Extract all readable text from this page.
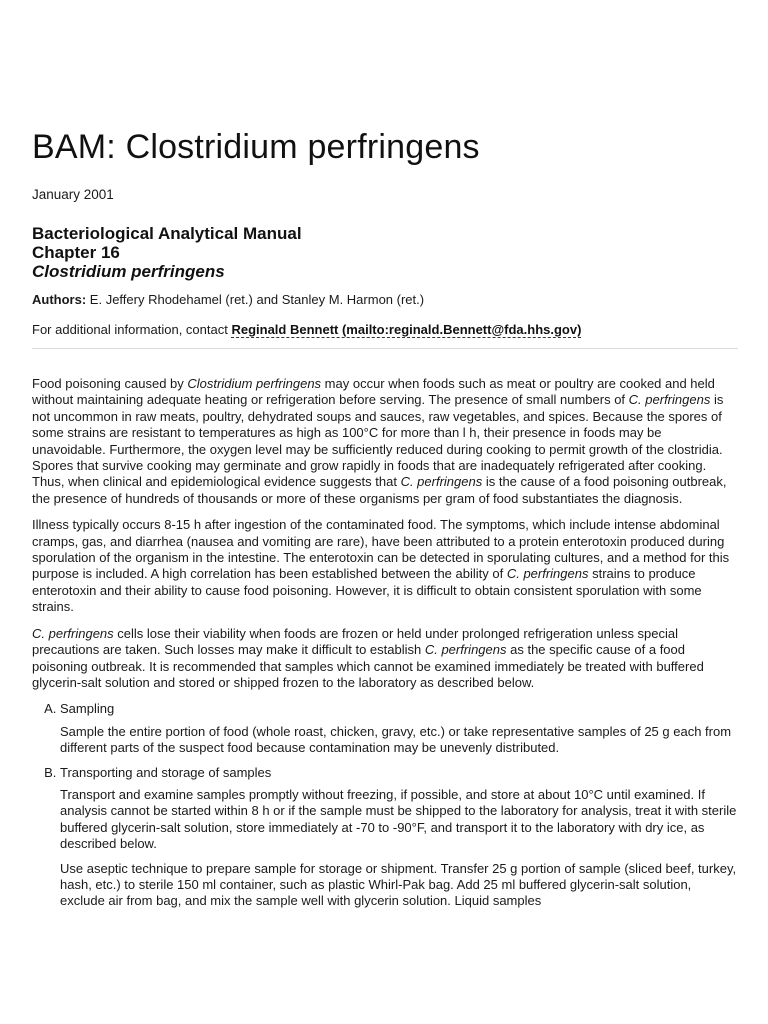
BAM: Clostridium perfringens
January 2001
Bacteriological Analytical Manual
Chapter 16
Clostridium perfringens
Authors: E. Jeffery Rhodehamel (ret.) and Stanley M. Harmon (ret.)
For additional information, contact Reginald Bennett (mailto:reginald.Bennett@fda.hhs.gov)

Food poisoning caused by Clostridium perfringens may occur when foods such as meat or poultry are cooked and held without maintaining adequate heating or refrigeration before serving. The presence of small numbers of C. perfringens is not uncommon in raw meats, poultry, dehydrated soups and sauces, raw vegetables, and spices. Because the spores of some strains are resistant to temperatures as high as 100°C for more than l h, their presence in foods may be unavoidable. Furthermore, the oxygen level may be sufficiently reduced during cooking to permit growth of the clostridia. Spores that survive cooking may germinate and grow rapidly in foods that are inadequately refrigerated after cooking. Thus, when clinical and epidemiological evidence suggests that C. perfringens is the cause of a food poisoning outbreak, the presence of hundreds of thousands or more of these organisms per gram of food substantiates the diagnosis.

Illness typically occurs 8-15 h after ingestion of the contaminated food. The symptoms, which include intense abdominal cramps, gas, and diarrhea (nausea and vomiting are rare), have been attributed to a protein enterotoxin produced during sporulation of the organism in the intestine. The enterotoxin can be detected in sporulating cultures, and a method for this purpose is included. A high correlation has been established between the ability of C. perfringens strains to produce enterotoxin and their ability to cause food poisoning. However, it is difficult to obtain consistent sporulation with some strains.

C. perfringens cells lose their viability when foods are frozen or held under prolonged refrigeration unless special precautions are taken. Such losses may make it difficult to establish C. perfringens as the specific cause of a food poisoning outbreak. It is recommended that samples which cannot be examined immediately be treated with buffered glycerin-salt solution and stored or shipped frozen to the laboratory as described below.

A. Sampling

Sample the entire portion of food (whole roast, chicken, gravy, etc.) or take representative samples of 25 g each from different parts of the suspect food because contamination may be unevenly distributed.

B. Transporting and storage of samples

Transport and examine samples promptly without freezing, if possible, and store at about 10°C until examined. If analysis cannot be started within 8 h or if the sample must be shipped to the laboratory for analysis, treat it with sterile buffered glycerin-salt solution, store immediately at -70 to -90°F, and transport it to the laboratory with dry ice, as described below.

Use aseptic technique to prepare sample for storage or shipment. Transfer 25 g portion of sample (sliced beef, turkey, hash, etc.) to sterile 150 ml container, such as plastic Whirl-Pak bag. Add 25 ml buffered glycerin-salt solution, exclude air from bag, and mix the sample well with glycerin solution. Liquid samples
